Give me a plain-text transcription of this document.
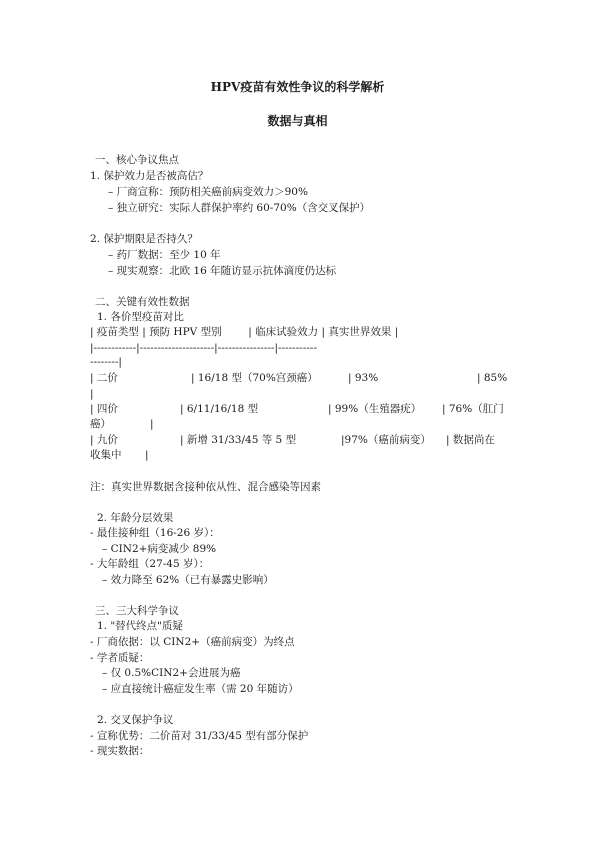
HPV疫苗有效性争议的科学解析
数据与真相
一、核心争议焦点
1. 保护效力是否被高估？
– 厂商宣称：预防相关癌前病变效力＞90%
– 独立研究：实际人群保护率约 60-70%（含交叉保护）
2. 保护期限是否持久？
– 药厂数据：至少 10 年
– 现实观察：北欧 16 年随访显示抗体滴度仍达标
二、关键有效性数据
1. 各价型疫苗对比
| 疫苗类型 | 预防 HPV 型别        | 临床试验效力 | 真实世界效果 |
|------------|---------------------|----------------|-----------
--------|
| 二价	| 16/18 型（70%宫颈癌）	| 93%	| 85%
|
| 四价	| 6/11/16/18 型	| 99%（生殖器疣） | 76%（肛门
癌）	|
| 九价	| 新增 31/33/45 等 5 型	|97%（癌前病变） | 数据尚在
收集中 |
注：真实世界数据含接种依从性、混合感染等因素
2. 年龄分层效果
- 最佳接种组（16-26 岁）：
– CIN2+病变减少 89%
- 大年龄组（27-45 岁）：
– 效力降至 62%（已有暴露史影响）
三、三大科学争议
1. "替代终点"质疑
- 厂商依据：以 CIN2+（癌前病变）为终点
- 学者质疑：
– 仅 0.5%CIN2+会进展为癌
– 应直接统计癌症发生率（需 20 年随访）
2. 交叉保护争议
- 宣称优势：二价苗对 31/33/45 型有部分保护
- 现实数据：
